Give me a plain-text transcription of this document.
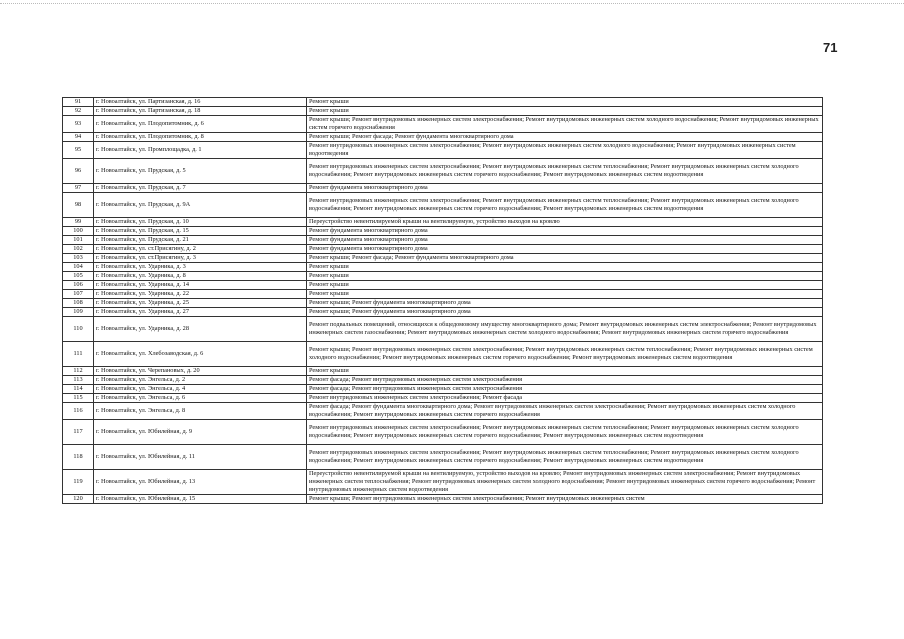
71
91	г. Новоалтайск, ул. Партизанская, д. 16	Ремонт крыши
92	г. Новоалтайск, ул. Партизанская, д. 18	Ремонт крыши
93	г. Новоалтайск, ул. Плодопитомник, д. 6	Ремонт крыши; Ремонт внутридомовых инженерных систем электроснабжения; Ремонт внутридомовых инженерных систем холодного водоснабжения; Ремонт внутридомовых инженерных систем горячего водоснабжения
94	г. Новоалтайск, ул. Плодопитомник, д. 8	Ремонт крыши; Ремонт фасада; Ремонт фундамента многоквартирного дома
95	г. Новоалтайск, ул. Промплощадка, д. 1	Ремонт внутридомовых инженерных систем электроснабжения; Ремонт внутридомовых инженерных систем холодного водоснабжения; Ремонт внутридомовых инженерных систем водоотведения
96	г. Новоалтайск, ул. Прудская, д. 5	Ремонт внутридомовых инженерных систем электроснабжения; Ремонт внутридомовых инженерных систем теплоснабжения; Ремонт внутридомовых инженерных систем холодного водоснабжения; Ремонт внутридомовых инженерных систем горячего водоснабжения; Ремонт внутридомовых инженерных систем водоотведения
97	г. Новоалтайск, ул. Прудская, д. 7	Ремонт фундамента многоквартирного дома
98	г. Новоалтайск, ул. Прудская, д. 9А	Ремонт внутридомовых инженерных систем электроснабжения; Ремонт внутридомовых инженерных систем теплоснабжения; Ремонт внутридомовых инженерных систем холодного водоснабжения; Ремонт внутридомовых инженерных систем горячего водоснабжения; Ремонт внутридомовых инженерных систем водоотведения
99	г. Новоалтайск, ул. Прудская, д. 10	Переустройство невентилируемой крыши на вентилируемую, устройство выходов на кровлю
100	г. Новоалтайск, ул. Прудская, д. 15	Ремонт фундамента многоквартирного дома
101	г. Новоалтайск, ул. Прудская, д. 21	Ремонт фундамента многоквартирного дома
102	г. Новоалтайск, ул. ст.Присягину, д. 2	Ремонт фундамента многоквартирного дома
103	г. Новоалтайск, ул. ст.Присягину, д. 3	Ремонт крыши; Ремонт фасада; Ремонт фундамента многоквартирного дома
104	г. Новоалтайск, ул. Ударника, д. 3	Ремонт крыши
105	г. Новоалтайск, ул. Ударника, д. 8	Ремонт крыши
106	г. Новоалтайск, ул. Ударника, д. 14	Ремонт крыши
107	г. Новоалтайск, ул. Ударника, д. 22	Ремонт крыши
108	г. Новоалтайск, ул. Ударника, д. 25	Ремонт крыши; Ремонт фундамента многоквартирного дома
109	г. Новоалтайск, ул. Ударника, д. 27	Ремонт крыши; Ремонт фундамента многоквартирного дома
110	г. Новоалтайск, ул. Ударника, д. 28	Ремонт подвальных помещений, относящихся к общедомовому имуществу многоквартирного дома; Ремонт внутридомовых инженерных систем электроснабжения; Ремонт внутридомовых инженерных систем газоснабжения; Ремонт внутридомовых инженерных систем холодного водоснабжения; Ремонт внутридомовых инженерных систем горячего водоснабжения
111	г. Новоалтайск, ул. Хлебозаводская, д. 6	Ремонт крыши; Ремонт внутридомовых инженерных систем электроснабжения; Ремонт внутридомовых инженерных систем теплоснабжения; Ремонт внутридомовых инженерных систем холодного водоснабжения; Ремонт внутридомовых инженерных систем горячего водоснабжения; Ремонт внутридомовых инженерных систем водоотведения
112	г. Новоалтайск, ул. Черепановых, д. 20	Ремонт крыши
113	г. Новоалтайск, ул. Энгельса, д. 2	Ремонт фасада; Ремонт внутридомовых инженерных систем электроснабжения
114	г. Новоалтайск, ул. Энгельса, д. 4	Ремонт фасада; Ремонт внутридомовых инженерных систем электроснабжения
115	г. Новоалтайск, ул. Энгельса, д. 6	Ремонт внутридомовых инженерных систем электроснабжения; Ремонт фасада
116	г. Новоалтайск, ул. Энгельса, д. 8	Ремонт фасада; Ремонт фундамента многоквартирного дома; Ремонт внутридомовых инженерных систем электроснабжения; Ремонт внутридомовых инженерных систем холодного водоснабжения; Ремонт внутридомовых инженерных систем горячего водоснабжения
117	г. Новоалтайск, ул. Юбилейная, д. 9	Ремонт внутридомовых инженерных систем электроснабжения; Ремонт внутридомовых инженерных систем теплоснабжения; Ремонт внутридомовых инженерных систем холодного водоснабжения; Ремонт внутридомовых инженерных систем горячего водоснабжения; Ремонт внутридомовых инженерных систем водоотведения
118	г. Новоалтайск, ул. Юбилейная, д. 11	Ремонт внутридомовых инженерных систем электроснабжения; Ремонт внутридомовых инженерных систем теплоснабжения; Ремонт внутридомовых инженерных систем холодного водоснабжения; Ремонт внутридомовых инженерных систем горячего водоснабжения; Ремонт внутридомовых инженерных систем водоотведения
119	г. Новоалтайск, ул. Юбилейная, д. 13	Переустройство невентилируемой крыши на вентилируемую, устройство выходов на кровлю; Ремонт внутридомовых инженерных систем электроснабжения; Ремонт внутридомовых инженерных систем теплоснабжения; Ремонт внутридомовых инженерных систем холодного водоснабжения; Ремонт внутридомовых инженерных систем горячего водоснабжения; Ремонт внутридомовых инженерных систем водоотведения
120	г. Новоалтайск, ул. Юбилейная, д. 15	Ремонт крыши; Ремонт внутридомовых инженерных систем электроснабжения; Ремонт внутридомовых инженерных систем
